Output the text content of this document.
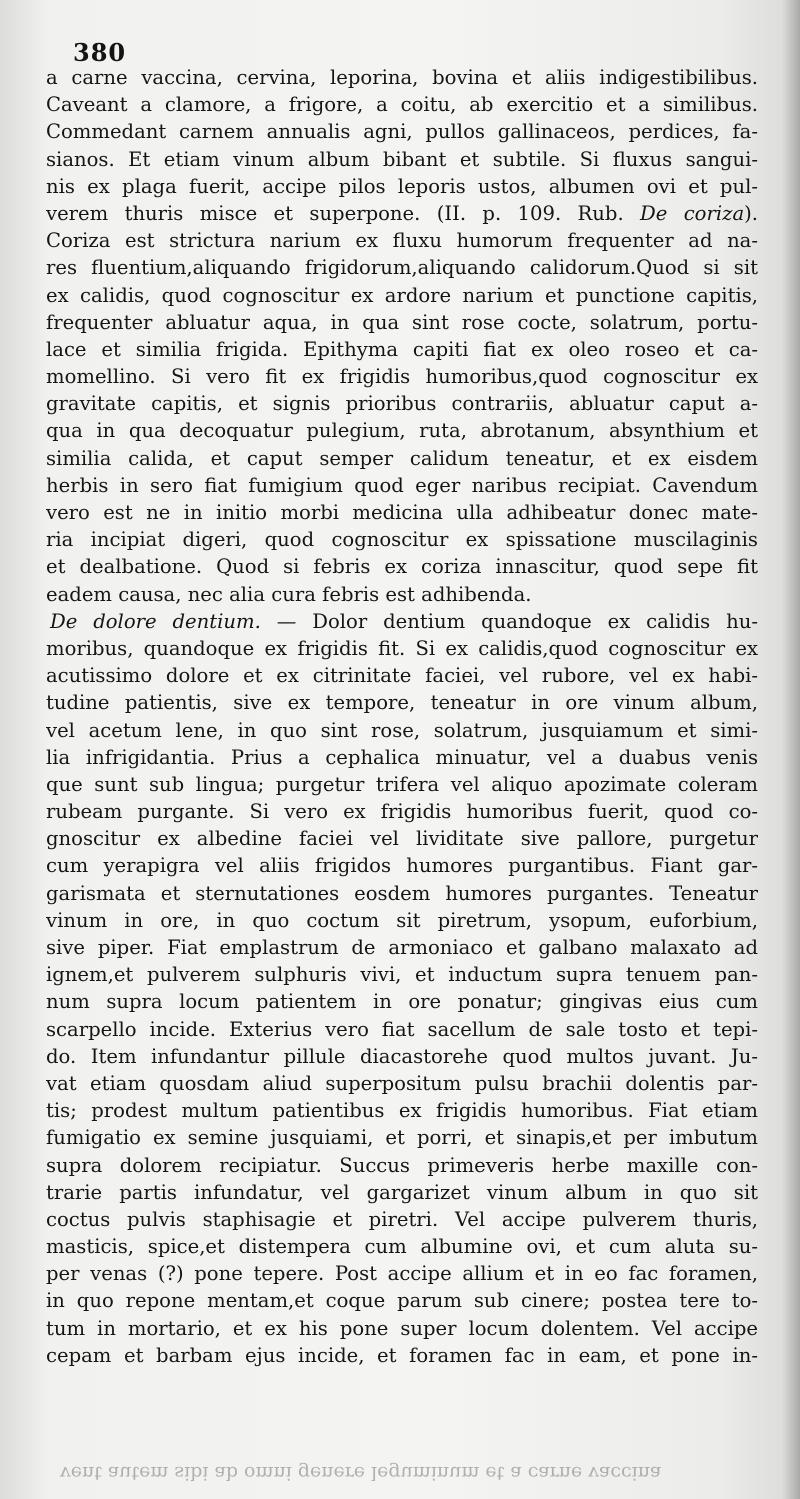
380
a carne vaccina, cervina, leporina, bovina et aliis indigestibilibus.
Caveant a clamore, a frigore, a coitu, ab exercitio et a similibus.
Commedant carnem annualis agni, pullos gallinaceos, perdices, fa-
sianos. Et etiam vinum album bibant et subtile. Si fluxus sangui-
nis ex plaga fuerit, accipe pilos leporis ustos, albumen ovi et pul-
verem thuris misce et superpone. (II. p. 109. Rub. De coriza).
Coriza est strictura narium ex fluxu humorum frequenter ad na-
res fluentium,aliquando frigidorum,aliquando calidorum.Quod si sit
ex calidis, quod cognoscitur ex ardore narium et punctione capitis,
frequenter abluatur aqua, in qua sint rose cocte, solatrum, portu-
lace et similia frigida. Epithyma capiti fiat ex oleo roseo et ca-
momellino. Si vero fit ex frigidis humoribus,quod cognoscitur ex
gravitate capitis, et signis prioribus contrariis, abluatur caput a-
qua in qua decoquatur pulegium, ruta, abrotanum, absynthium et
similia calida, et caput semper calidum teneatur, et ex eisdem
herbis in sero fiat fumigium quod eger naribus recipiat. Cavendum
vero est ne in initio morbi medicina ulla adhibeatur donec mate-
ria incipiat digeri, quod cognoscitur ex spissatione muscilaginis
et dealbatione. Quod si febris ex coriza innascitur, quod sepe fit
eadem causa, nec alia cura febris est adhibenda.
De dolore dentium. — Dolor dentium quandoque ex calidis hu-
moribus, quandoque ex frigidis fit. Si ex calidis,quod cognoscitur ex
acutissimo dolore et ex citrinitate faciei, vel rubore, vel ex habi-
tudine patientis, sive ex tempore, teneatur in ore vinum album,
vel acetum lene, in quo sint rose, solatrum, jusquiamum et simi-
lia infrigidantia. Prius a cephalica minuatur, vel a duabus venis
que sunt sub lingua; purgetur trifera vel aliquo apozimate coleram
rubeam purgante. Si vero ex frigidis humoribus fuerit, quod co-
gnoscitur ex albedine faciei vel lividitate sive pallore, purgetur
cum yerapigra vel aliis frigidos humores purgantibus. Fiant gar-
garismata et sternutationes eosdem humores purgantes. Teneatur
vinum in ore, in quo coctum sit piretrum, ysopum, euforbium,
sive piper. Fiat emplastrum de armoniaco et galbano malaxato ad
ignem,et pulverem sulphuris vivi, et inductum supra tenuem pan-
num supra locum patientem in ore ponatur; gingivas eius cum
scarpello incide. Exterius vero fiat sacellum de sale tosto et tepi-
do. Item infundantur pillule diacastorehe quod multos juvant. Ju-
vat etiam quosdam aliud superpositum pulsu brachii dolentis par-
tis; prodest multum patientibus ex frigidis humoribus. Fiat etiam
fumigatio ex semine jusquiami, et porri, et sinapis,et per imbutum
supra dolorem recipiatur. Succus primeveris herbe maxille con-
trarie partis infundatur, vel gargarizet vinum album in quo sit
coctus pulvis staphisagie et piretri. Vel accipe pulverem thuris,
masticis, spice,et distempera cum albumine ovi, et cum aluta su-
per venas (?) pone tepere. Post accipe allium et in eo fac foramen,
in quo repone mentam,et coque parum sub cinere; postea tere to-
tum in mortario, et ex his pone super locum dolentem. Vel accipe
cepam et barbam ejus incide, et foramen fac in eam, et pone in-
vent autem sibi ab omni genere leguminum et a carne vaccina
